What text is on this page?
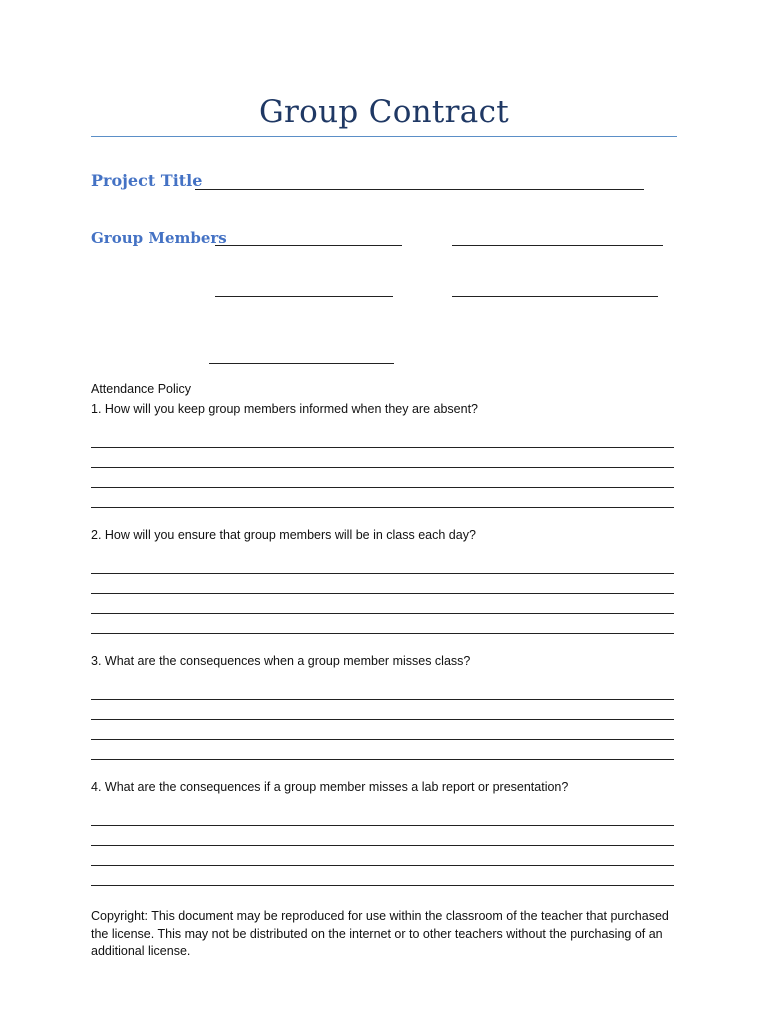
Group Contract
Project Title
Group Members
Attendance Policy
1. How will you keep group members informed when they are absent?
2. How will you ensure that group members will be in class each day?
3. What are the consequences when a group member misses class?
4. What are the consequences if a group member misses a lab report or presentation?
Copyright: This document may be reproduced for use within the classroom of the teacher that purchased the license. This may not be distributed on the internet or to other teachers without the purchasing of an additional license.
